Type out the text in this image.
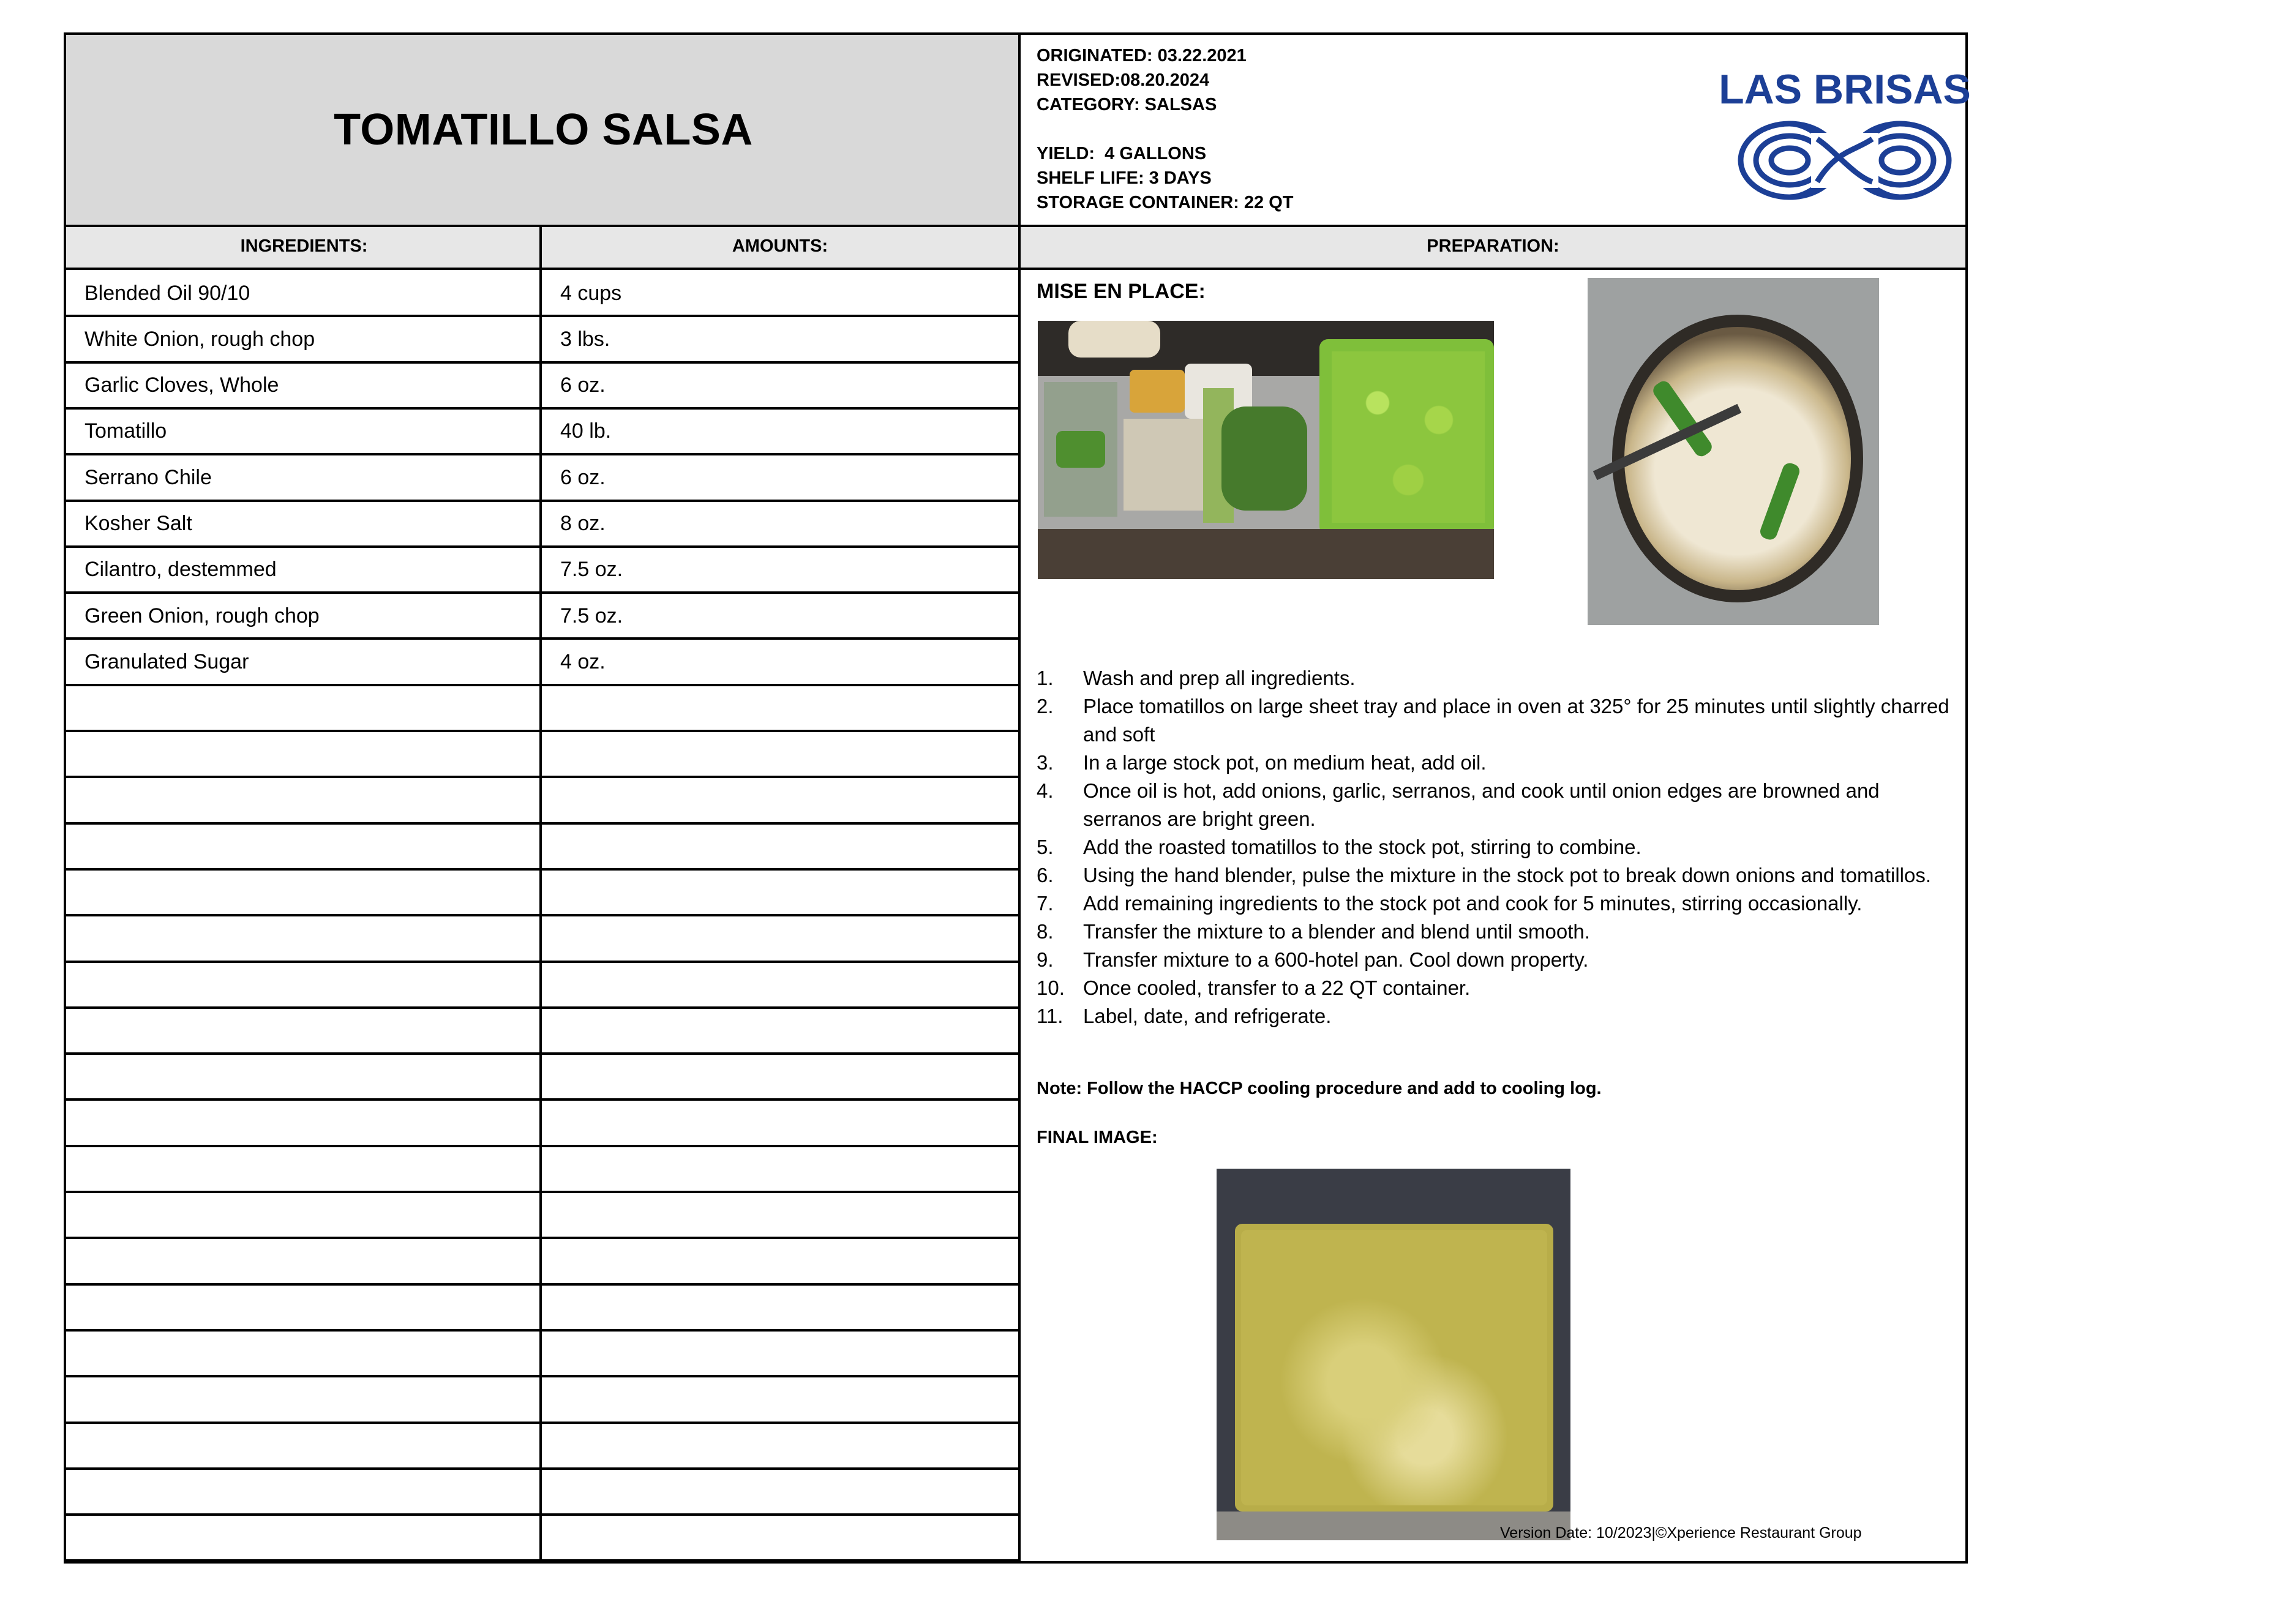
TOMATILLO SALSA
ORIGINATED: 03.22.2021
REVISED:08.20.2024
CATEGORY: SALSAS

YIELD:  4 GALLONS
SHELF LIFE: 3 DAYS
STORAGE CONTAINER: 22 QT
LAS BRISAS
INGREDIENTS:	AMOUNTS:	PREPARATION:
Blended Oil 90/10	4 cups
White Onion, rough chop	3 lbs.
Garlic Cloves, Whole	6 oz.
Tomatillo	40 lb.
Serrano Chile	6 oz.
Kosher Salt	8 oz.
Cilantro, destemmed	7.5 oz.
Green Onion, rough chop	7.5 oz.
Granulated Sugar	4 oz.
MISE EN PLACE:
1. Wash and prep all ingredients.
2. Place tomatillos on large sheet tray and place in oven at 325° for 25 minutes until slightly charred and soft
3. In a large stock pot, on medium heat, add oil.
4. Once oil is hot, add onions, garlic, serranos, and cook until onion edges are browned and serranos are bright green.
5. Add the roasted tomatillos to the stock pot, stirring to combine.
6. Using the hand blender, pulse the mixture in the stock pot to break down onions and tomatillos.
7. Add remaining ingredients to the stock pot and cook for 5 minutes, stirring occasionally.
8. Transfer the mixture to a blender and blend until smooth.
9. Transfer mixture to a 600-hotel pan. Cool down property.
10. Once cooled, transfer to a 22 QT container.
11. Label, date, and refrigerate.
Note: Follow the HACCP cooling procedure and add to cooling log.
FINAL IMAGE:
Version Date: 10/2023|©Xperience Restaurant Group
